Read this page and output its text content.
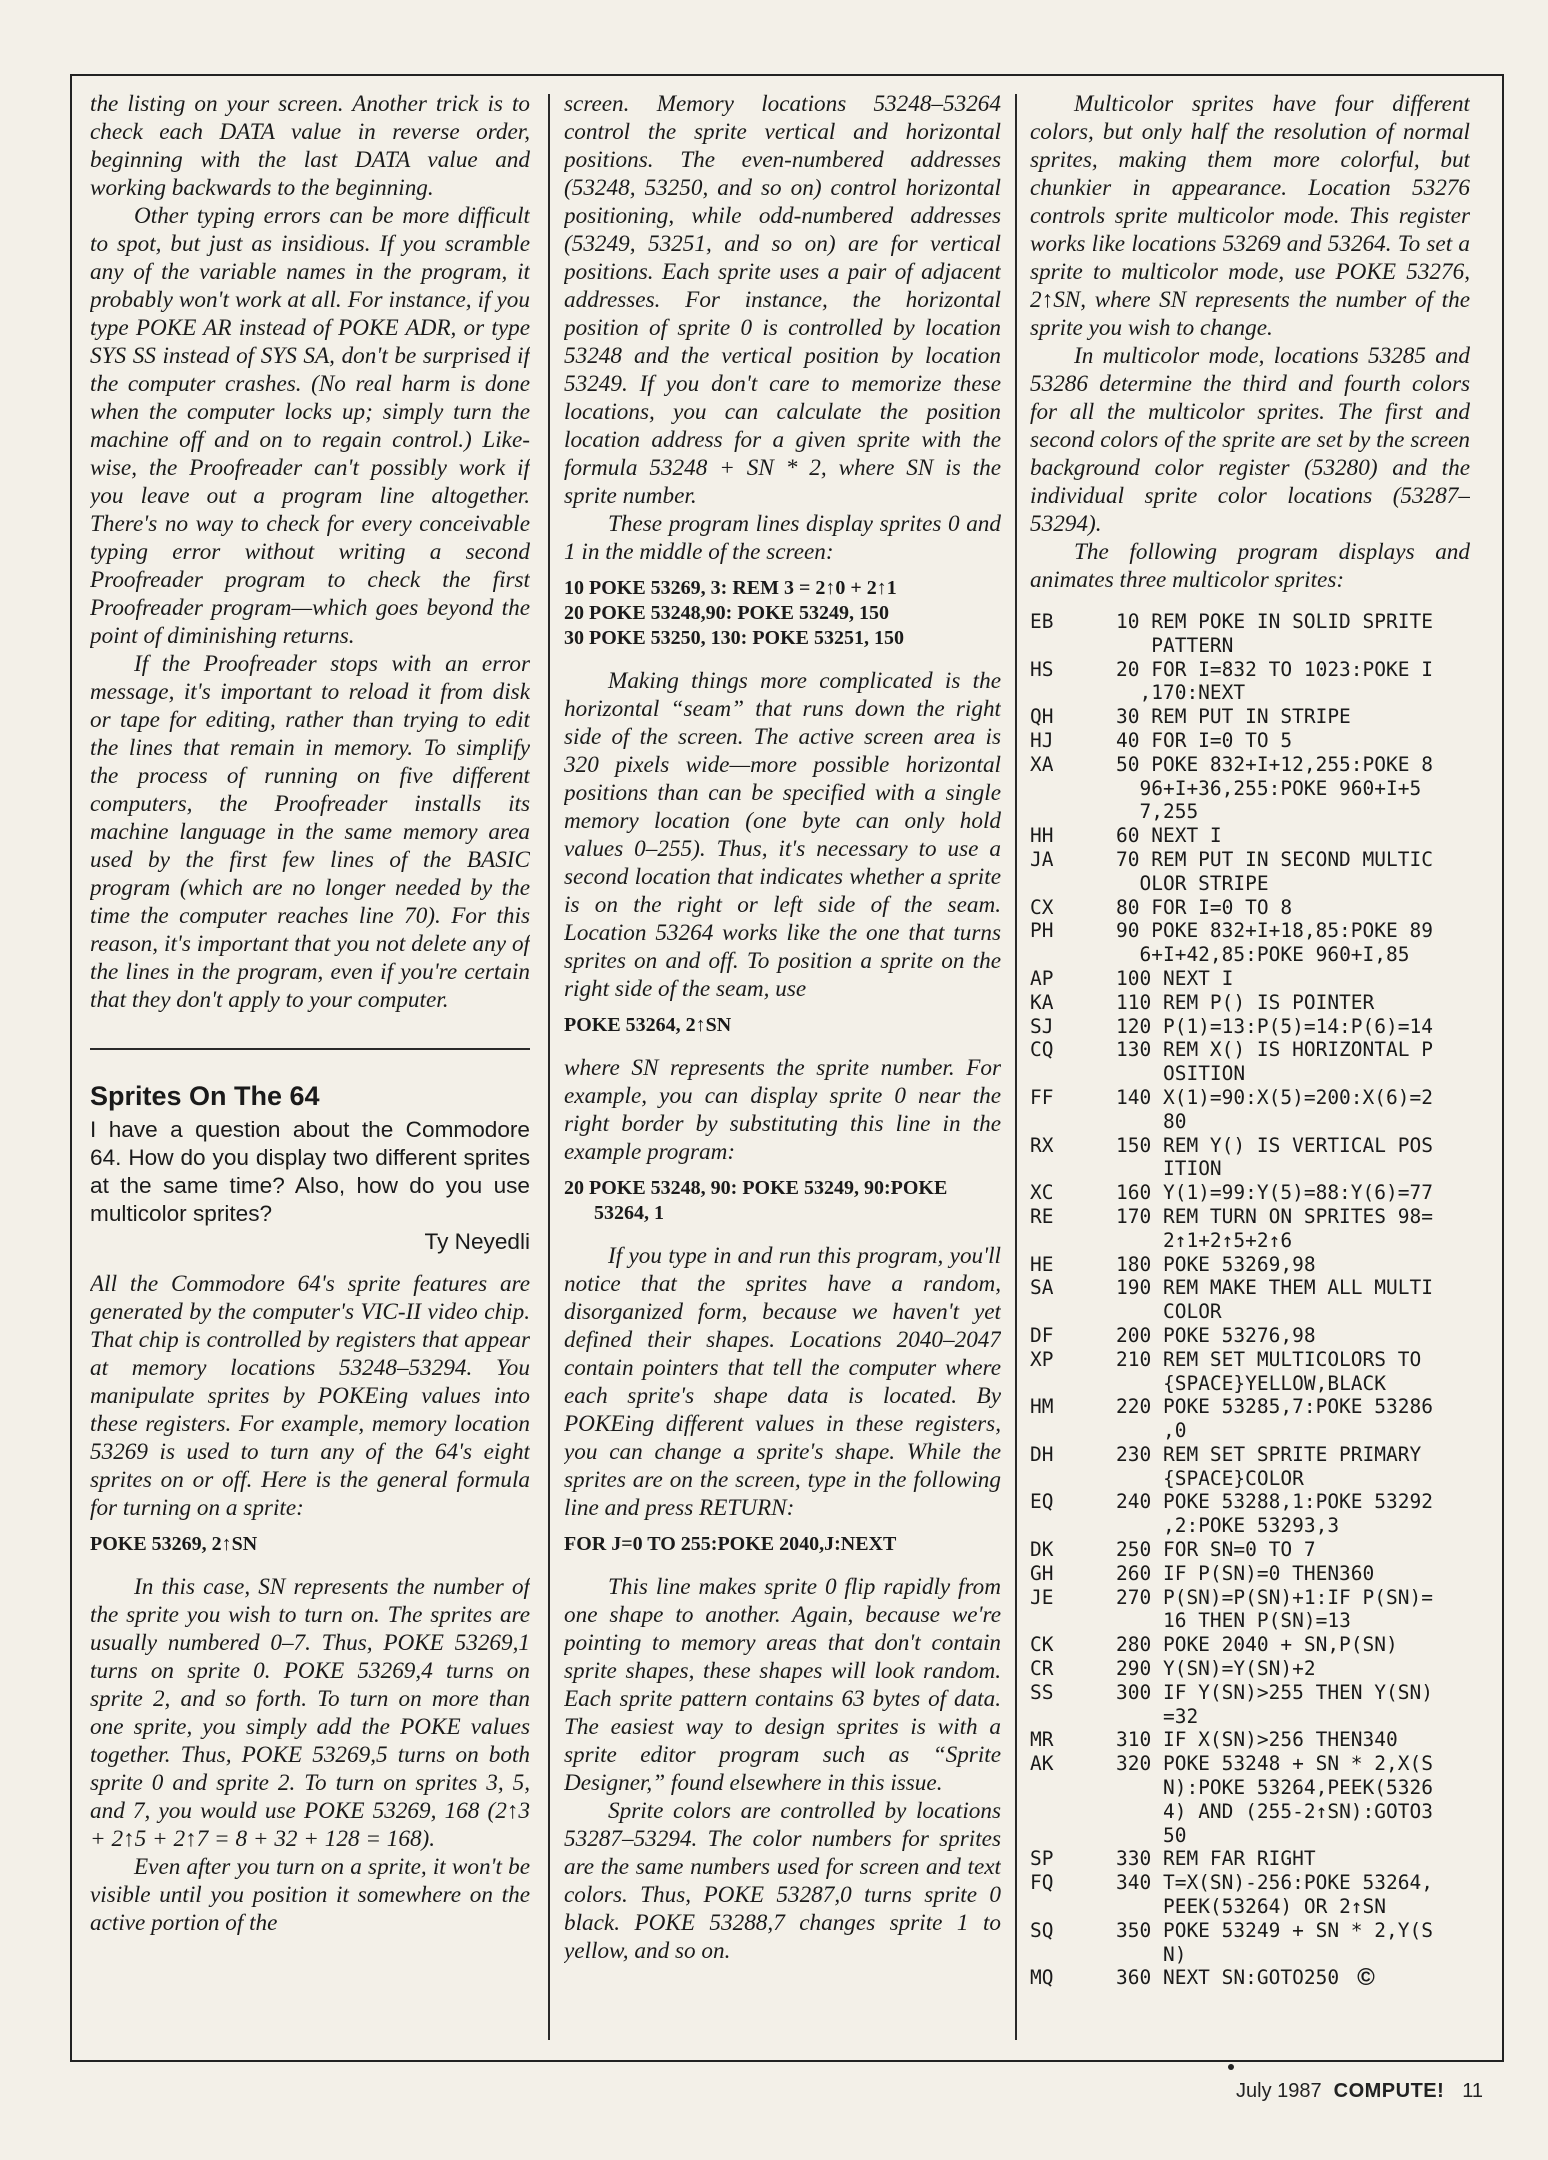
the listing on your screen. Another trick is to check each DATA value in reverse order, beginning with the last DATA value and working backwards to the beginning.

Other typing errors can be more difficult to spot, but just as insidious. If you scramble any of the variable names in the program, it probably won't work at all. For instance, if you type POKE AR instead of POKE ADR, or type SYS SS instead of SYS SA, don't be surprised if the computer crashes. (No real harm is done when the computer locks up; simply turn the machine off and on to regain control.) Likewise, the Proofreader can't possibly work if you leave out a program line altogether. There's no way to check for every conceivable typing error without writing a second Proofreader program to check the first Proofreader program—which goes beyond the point of diminishing returns.

If the Proofreader stops with an error message, it's important to reload it from disk or tape for editing, rather than trying to edit the lines that remain in memory. To simplify the process of running on five different computers, the Proofreader installs its machine language in the same memory area used by the first few lines of the BASIC program (which are no longer needed by the time the computer reaches line 70). For this reason, it's important that you not delete any of the lines in the program, even if you're certain that they don't apply to your computer.

Sprites On The 64

I have a question about the Commodore 64. How do you display two different sprites at the same time? Also, how do you use multicolor sprites?

Ty Neyedli

All the Commodore 64's sprite features are generated by the computer's VIC-II video chip. That chip is controlled by registers that appear at memory locations 53248–53294. You manipulate sprites by POKEing values into these registers. For example, memory location 53269 is used to turn any of the 64's eight sprites on or off. Here is the general formula for turning on a sprite:

POKE 53269, 2↑SN

In this case, SN represents the number of the sprite you wish to turn on. The sprites are usually numbered 0–7. Thus, POKE 53269,1 turns on sprite 0. POKE 53269,4 turns on sprite 2, and so forth. To turn on more than one sprite, you simply add the POKE values together. Thus, POKE 53269,5 turns on both sprite 0 and sprite 2. To turn on sprites 3, 5, and 7, you would use POKE 53269, 168 (2↑3 + 2↑5 + 2↑7 = 8 + 32 + 128 = 168).

Even after you turn on a sprite, it won't be visible until you position it somewhere on the active portion of the

screen. Memory locations 53248–53264 control the sprite vertical and horizontal positions. The even-numbered addresses (53248, 53250, and so on) control horizontal positioning, while odd-numbered addresses (53249, 53251, and so on) are for vertical positions. Each sprite uses a pair of adjacent addresses. For instance, the horizontal position of sprite 0 is controlled by location 53248 and the vertical position by location 53249. If you don't care to memorize these locations, you can calculate the position location address for a given sprite with the formula 53248 + SN * 2, where SN is the sprite number.

These program lines display sprites 0 and 1 in the middle of the screen:

10 POKE 53269, 3: REM 3 = 2↑0 + 2↑1
20 POKE 53248,90: POKE 53249, 150
30 POKE 53250, 130: POKE 53251, 150

Making things more complicated is the horizontal “seam” that runs down the right side of the screen. The active screen area is 320 pixels wide—more possible horizontal positions than can be specified with a single memory location (one byte can only hold values 0–255). Thus, it's necessary to use a second location that indicates whether a sprite is on the right or left side of the seam. Location 53264 works like the one that turns sprites on and off. To position a sprite on the right side of the seam, use

POKE 53264, 2↑SN

where SN represents the sprite number. For example, you can display sprite 0 near the right border by substituting this line in the example program:

20 POKE 53248, 90: POKE 53249, 90:POKE
53264, 1

If you type in and run this program, you'll notice that the sprites have a random, disorganized form, because we haven't yet defined their shapes. Locations 2040–2047 contain pointers that tell the computer where each sprite's shape data is located. By POKEing different values in these registers, you can change a sprite's shape. While the sprites are on the screen, type in the following line and press RETURN:

FOR J=0 TO 255:POKE 2040,J:NEXT

This line makes sprite 0 flip rapidly from one shape to another. Again, because we're pointing to memory areas that don't contain sprite shapes, these shapes will look random. Each sprite pattern contains 63 bytes of data. The easiest way to design sprites is with a sprite editor program such as “Sprite Designer,” found elsewhere in this issue.

Sprite colors are controlled by locations 53287–53294. The color numbers for sprites are the same numbers used for screen and text colors. Thus, POKE 53287,0 turns sprite 0 black. POKE 53288,7 changes sprite 1 to yellow, and so on.

Multicolor sprites have four different colors, but only half the resolution of normal sprites, making them more colorful, but chunkier in appearance. Location 53276 controls sprite multicolor mode. This register works like locations 53269 and 53264. To set a sprite to multicolor mode, use POKE 53276, 2↑SN, where SN represents the number of the sprite you wish to change.

In multicolor mode, locations 53285 and 53286 determine the third and fourth colors for all the multicolor sprites. The first and second colors of the sprite are set by the screen background color register (53280) and the individual sprite color locations (53287–53294).

The following program displays and animates three multicolor sprites:

EB	10 REM POKE IN SOLID SPRITE
PATTERN
HS	20 FOR I=832 TO 1023:POKE I
,170:NEXT
QH	30 REM PUT IN STRIPE
HJ	40 FOR I=0 TO 5
XA	50 POKE 832+I+12,255:POKE 8
96+I+36,255:POKE 960+I+5
7,255
HH	60 NEXT I
JA	70 REM PUT IN SECOND MULTIC
OLOR STRIPE
CX	80 FOR I=0 TO 8
PH	90 POKE 832+I+18,85:POKE 89
6+I+42,85:POKE 960+I,85
AP	100 NEXT I
KA	110 REM P() IS POINTER
SJ	120 P(1)=13:P(5)=14:P(6)=14
CQ	130 REM X() IS HORIZONTAL P
OSITION
FF	140 X(1)=90:X(5)=200:X(6)=2
80
RX	150 REM Y() IS VERTICAL POS
ITION
XC	160 Y(1)=99:Y(5)=88:Y(6)=77
RE	170 REM TURN ON SPRITES 98=
2↑1+2↑5+2↑6
HE	180 POKE 53269,98
SA	190 REM MAKE THEM ALL MULTI
COLOR
DF	200 POKE 53276,98
XP	210 REM SET MULTICOLORS TO
{SPACE}YELLOW,BLACK
HM	220 POKE 53285,7:POKE 53286
,0
DH	230 REM SET SPRITE PRIMARY
{SPACE}COLOR
EQ	240 POKE 53288,1:POKE 53292
,2:POKE 53293,3
DK	250 FOR SN=0 TO 7
GH	260 IF P(SN)=0 THEN360
JE	270 P(SN)=P(SN)+1:IF P(SN)=
16 THEN P(SN)=13
CK	280 POKE 2040 + SN,P(SN)
CR	290 Y(SN)=Y(SN)+2
SS	300 IF Y(SN)>255 THEN Y(SN)
=32
MR	310 IF X(SN)>256 THEN340
AK	320 POKE 53248 + SN * 2,X(S
N):POKE 53264,PEEK(5326
4) AND (255-2↑SN):GOTO3
50
SP	330 REM FAR RIGHT
FQ	340 T=X(SN)-256:POKE 53264,
PEEK(53264) OR 2↑SN
SQ	350 POKE 53249 + SN * 2,Y(S
N)
MQ	360 NEXT SN:GOTO250 ©
July 1987 COMPUTE! 11
